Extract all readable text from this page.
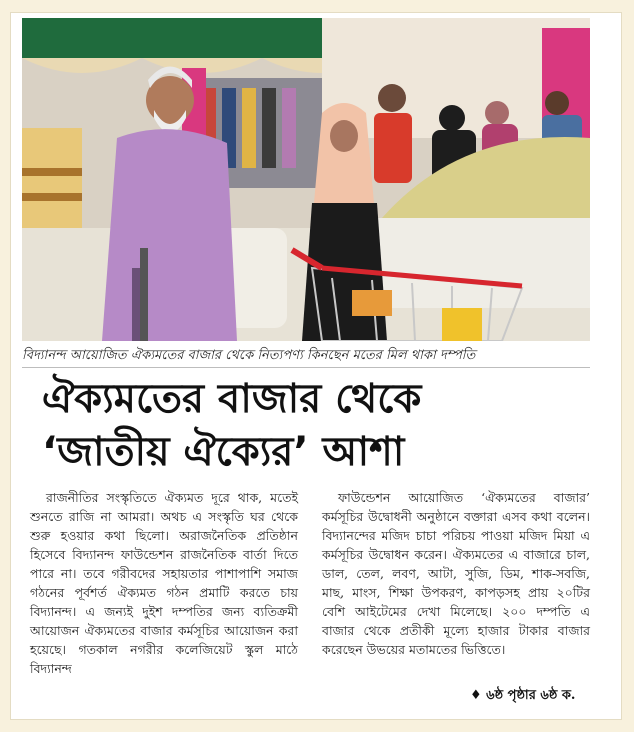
বিদ্যানন্দ আয়োজিত ঐক্যমতের বাজার থেকে নিত্যপণ্য কিনছেন মতের মিল থাকা দম্পতি
ঐক্যমতের বাজার থেকে
‘জাতীয় ঐক্যের’ আশা

রাজনীতির সংস্কৃতিতে ঐক্যমত দূরে থাক, মতেই শুনতে রাজি না আমরা। অথচ এ সংস্কৃতি ঘর থেকে শুরু হওয়ার কথা ছিলো। অরাজনৈতিক প্রতিষ্ঠান হিসেবে বিদ্যানন্দ ফাউন্ডেশন রাজনৈতিক বার্তা দিতে পারে না। তবে গরীবদের সহায়তার পাশাপাশি সমাজ গঠনের পূর্বশর্ত ঐক্যমত গঠন প্রমাটি করতে চায় বিদ্যানন্দ। এ জন্যই দুইশ দম্পতির জন্য ব্যতিক্রমী আয়োজন ঐক্যমতের বাজার কর্মসূচির আয়োজন করা হয়েছে। গতকাল নগরীর কলেজিয়েট স্কুল মাঠে বিদ্যানন্দ

ফাউন্ডেশন আয়োজিত ‘ঐক্যমতের বাজার’ কর্মসূচির উদ্বোধনী অনুষ্ঠানে বক্তারা এসব কথা বলেন। বিদ্যানন্দের মজিদ চাচা পরিচয় পাওয়া মজিদ মিয়া এ কর্মসূচির উদ্বোধন করেন। ঐক্যমতের এ বাজারে চাল, ডাল, তেল, লবণ, আটা, সুজি, ডিম, শাক-সবজি, মাছ, মাংস, শিক্ষা উপকরণ, কাপড়সহ প্রায় ২০টির বেশি আইটেমের দেখা মিলেছে। ২০০ দম্পতি এ বাজার থেকে প্রতীকী মূল্যে হাজার টাকার বাজার করেছেন উভয়ের মতামতের ভিত্তিতে।

♦ ৬ষ্ঠ পৃষ্ঠার ৬ষ্ঠ ক.
